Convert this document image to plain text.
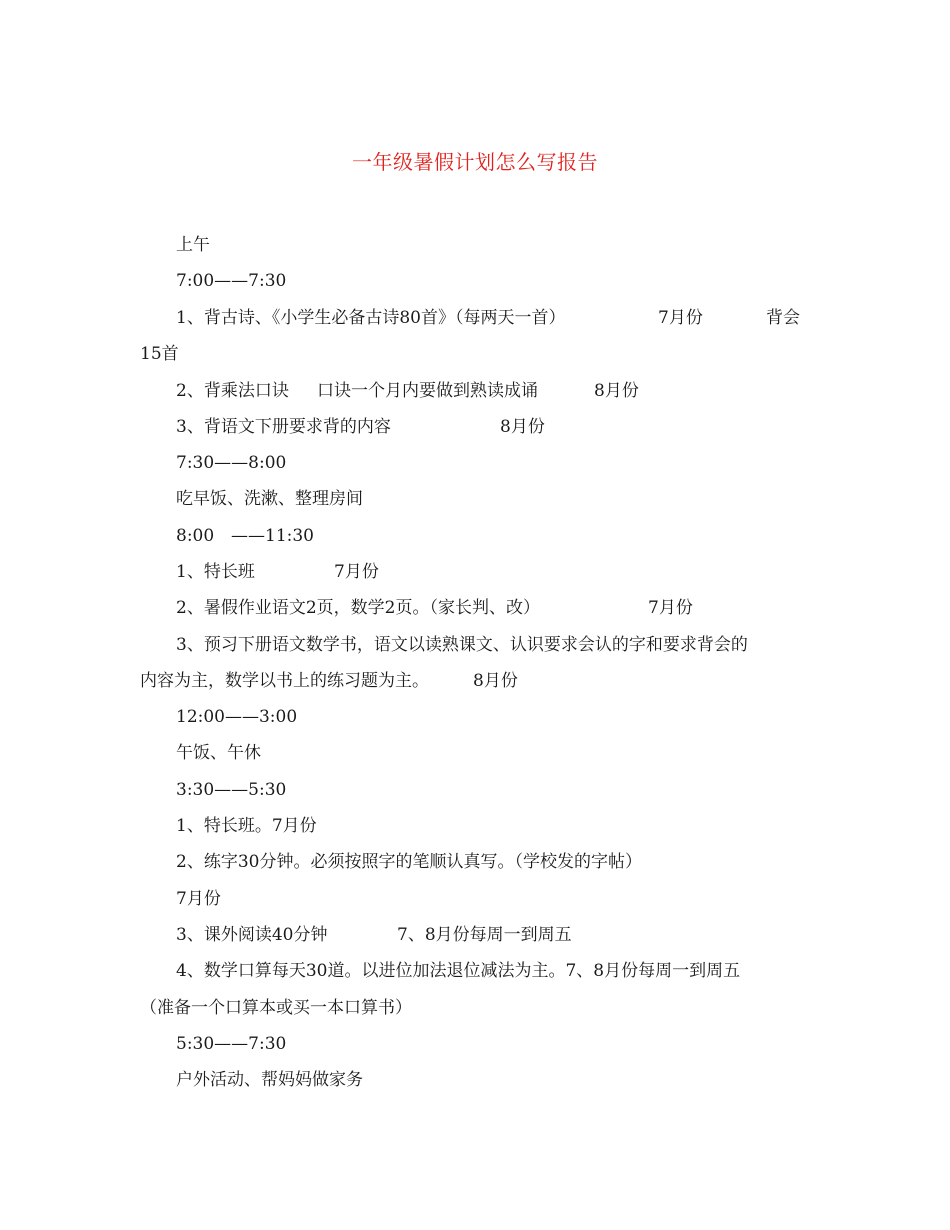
一年级暑假计划怎么写报告
上午
7:00——7:30
1、背古诗、《小学生必备古诗80首》（每两天一首）	7月份	背会
15首
2、背乘法口诀 口诀一个月内要做到熟读成诵	8月份
3、背语文下册要求背的内容	8月份
7:30——8:00
吃早饭、洗漱、整理房间
8:00 ——11:30
1、特长班	7月份
2、暑假作业语文2页，数学2页。（家长判、改）	7月份
3、预习下册语文数学书，语文以读熟课文、认识要求会认的字和要求背会的
内容为主，数学以书上的练习题为主。	8月份
12:00——3:00
午饭、午休
3:30——5:30
1、特长班。7月份
2、练字30分钟。必须按照字的笔顺认真写。（学校发的字帖）
7月份
3、课外阅读40分钟	7、8月份每周一到周五
4、数学口算每天30道。以进位加法退位减法为主。7、8月份每周一到周五
（准备一个口算本或买一本口算书）
5:30——7:30
户外活动、帮妈妈做家务
